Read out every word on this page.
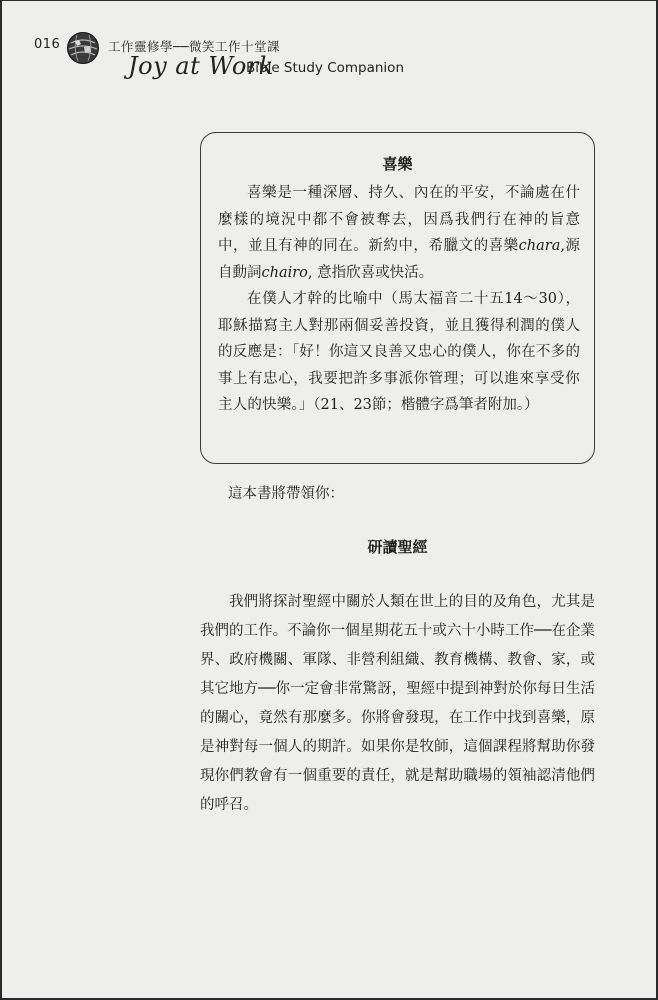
016	工作靈修學──微笑工作十堂課
Joy at Work
Bible Study Companion
喜樂

喜樂是一種深層、持久、內在的平安，不論處在什麼樣的境況中都不會被奪去，因爲我們行在神的旨意中，並且有神的同在。新約中，希臘文的喜樂chara,源自動詞chairo, 意指欣喜或快活。

在僕人才幹的比喻中（馬太福音二十五14～30），耶穌描寫主人對那兩個妥善投資，並且獲得利潤的僕人的反應是：「好！你這又良善又忠心的僕人，你在不多的事上有忠心，我要把許多事派你管理；可以進來享受你主人的快樂。」（21、23節；楷體字爲筆者附加。）

這本書將帶領你：
研讀聖經

我們將探討聖經中關於人類在世上的目的及角色，尤其是我們的工作。不論你一個星期花五十或六十小時工作──在企業界、政府機關、軍隊、非營利組織、教育機構、教會、家，或其它地方──你一定會非常驚訝，聖經中提到神對於你每日生活的關心，竟然有那麼多。你將會發現，在工作中找到喜樂，原是神對每一個人的期許。如果你是牧師，這個課程將幫助你發現你們教會有一個重要的責任，就是幫助職場的領袖認清他們的呼召。
